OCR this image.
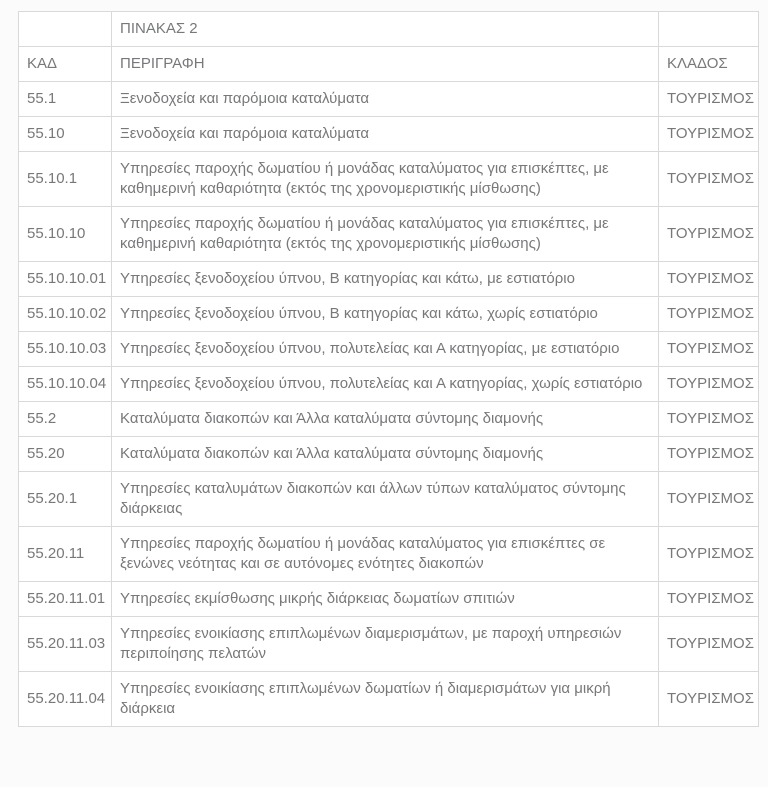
	ΠΙΝΑΚΑΣ 2	
ΚΑΔ	ΠΕΡΙΓΡΑΦΗ	ΚΛΑΔΟΣ
55.1	Ξενοδοχεία και παρόμοια καταλύματα	ΤΟΥΡΙΣΜΟΣ
55.10	Ξενοδοχεία και παρόμοια καταλύματα	ΤΟΥΡΙΣΜΟΣ
55.10.1	Υπηρεσίες παροχής δωματίου ή μονάδας καταλύματος για επισκέπτες, με καθημερινή καθαριότητα (εκτός της χρονομεριστικής μίσθωσης)	ΤΟΥΡΙΣΜΟΣ
55.10.10	Υπηρεσίες παροχής δωματίου ή μονάδας καταλύματος για επισκέπτες, με καθημερινή καθαριότητα (εκτός της χρονομεριστικής μίσθωσης)	ΤΟΥΡΙΣΜΟΣ
55.10.10.01	Υπηρεσίες ξενοδοχείου ύπνου, Β κατηγορίας και κάτω, με εστιατόριο	ΤΟΥΡΙΣΜΟΣ
55.10.10.02	Υπηρεσίες ξενοδοχείου ύπνου, Β κατηγορίας και κάτω, χωρίς εστιατόριο	ΤΟΥΡΙΣΜΟΣ
55.10.10.03	Υπηρεσίες ξενοδοχείου ύπνου, πολυτελείας και Α κατηγορίας, με εστιατόριο	ΤΟΥΡΙΣΜΟΣ
55.10.10.04	Υπηρεσίες ξενοδοχείου ύπνου, πολυτελείας και Α κατηγορίας, χωρίς εστιατόριο	ΤΟΥΡΙΣΜΟΣ
55.2	Καταλύματα διακοπών και Άλλα καταλύματα σύντομης διαμονής	ΤΟΥΡΙΣΜΟΣ
55.20	Καταλύματα διακοπών και Άλλα καταλύματα σύντομης διαμονής	ΤΟΥΡΙΣΜΟΣ
55.20.1	Υπηρεσίες καταλυμάτων διακοπών και άλλων τύπων καταλύματος σύντομης διάρκειας	ΤΟΥΡΙΣΜΟΣ
55.20.11	Υπηρεσίες παροχής δωματίου ή μονάδας καταλύματος για επισκέπτες σε ξενώνες νεότητας και σε αυτόνομες ενότητες διακοπών	ΤΟΥΡΙΣΜΟΣ
55.20.11.01	Υπηρεσίες εκμίσθωσης μικρής διάρκειας δωματίων σπιτιών	ΤΟΥΡΙΣΜΟΣ
55.20.11.03	Υπηρεσίες ενοικίασης επιπλωμένων διαμερισμάτων, με παροχή υπηρεσιών περιποίησης πελατών	ΤΟΥΡΙΣΜΟΣ
55.20.11.04	Υπηρεσίες ενοικίασης επιπλωμένων δωματίων ή διαμερισμάτων για μικρή διάρκεια	ΤΟΥΡΙΣΜΟΣ
